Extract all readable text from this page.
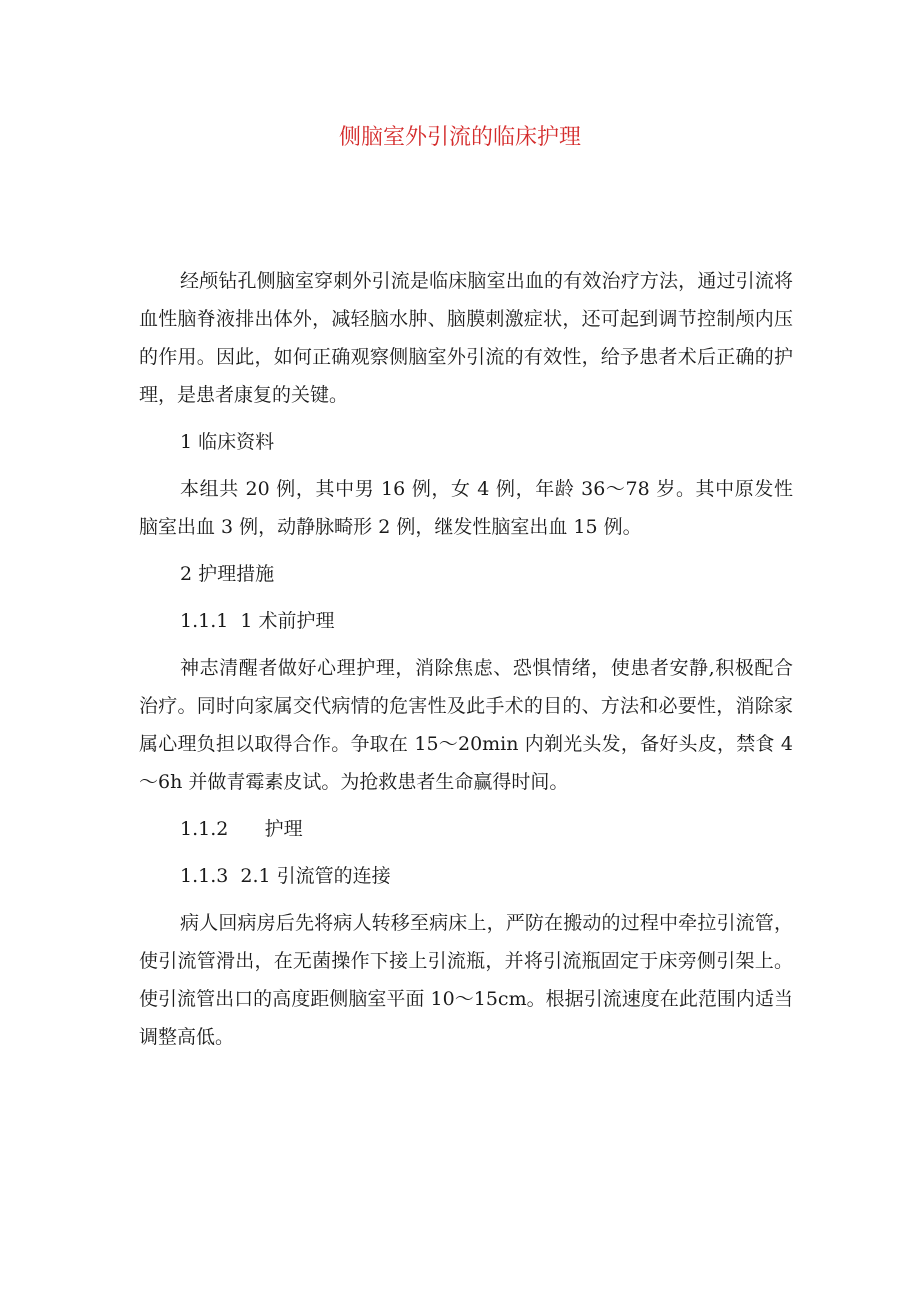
侧脑室外引流的临床护理

经颅钻孔侧脑室穿刺外引流是临床脑室出血的有效治疗方法，通过引流将血性脑脊液排出体外，减轻脑水肿、脑膜刺激症状，还可起到调节控制颅内压的作用。因此，如何正确观察侧脑室外引流的有效性，给予患者术后正确的护理，是患者康复的关键。

1 临床资料

本组共 20 例，其中男 16 例，女 4 例，年龄 36～78 岁。其中原发性脑室出血 3 例，动静脉畸形 2 例，继发性脑室出血 15 例。

2 护理措施

1.1.1  1 术前护理

神志清醒者做好心理护理，消除焦虑、恐惧情绪，使患者安静,积极配合治疗。同时向家属交代病情的危害性及此手术的目的、方法和必要性，消除家属心理负担以取得合作。争取在 15～20min 内剃光头发，备好头皮，禁食 4～6h 并做青霉素皮试。为抢救患者生命赢得时间。

1.1.2      护理

1.1.3  2.1 引流管的连接

病人回病房后先将病人转移至病床上，严防在搬动的过程中牵拉引流管，使引流管滑出，在无菌操作下接上引流瓶，并将引流瓶固定于床旁侧引架上。使引流管出口的高度距侧脑室平面 10～15cm。根据引流速度在此范围内适当调整高低。
